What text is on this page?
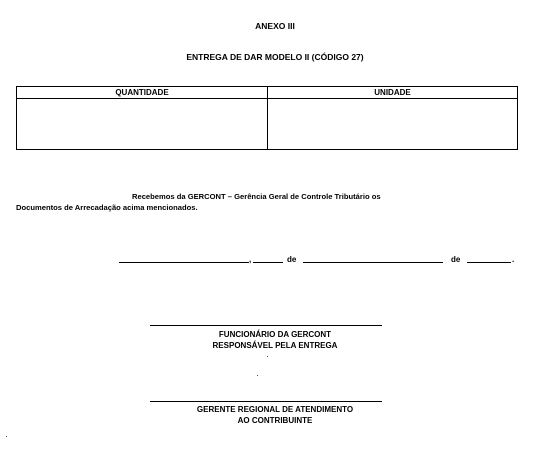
ANEXO III
ENTREGA DE DAR MODELO II (CÓDIGO 27)
QUANTIDADE	UNIDADE
Recebemos da GERCONT – Gerência Geral de Controle Tributário os
Documentos de Arrecadação acima mencionados.
,	de	de	.
FUNCIONÁRIO DA GERCONT
RESPONSÁVEL PELA ENTREGA
GERENTE REGIONAL DE ATENDIMENTO
AO CONTRIBUINTE
